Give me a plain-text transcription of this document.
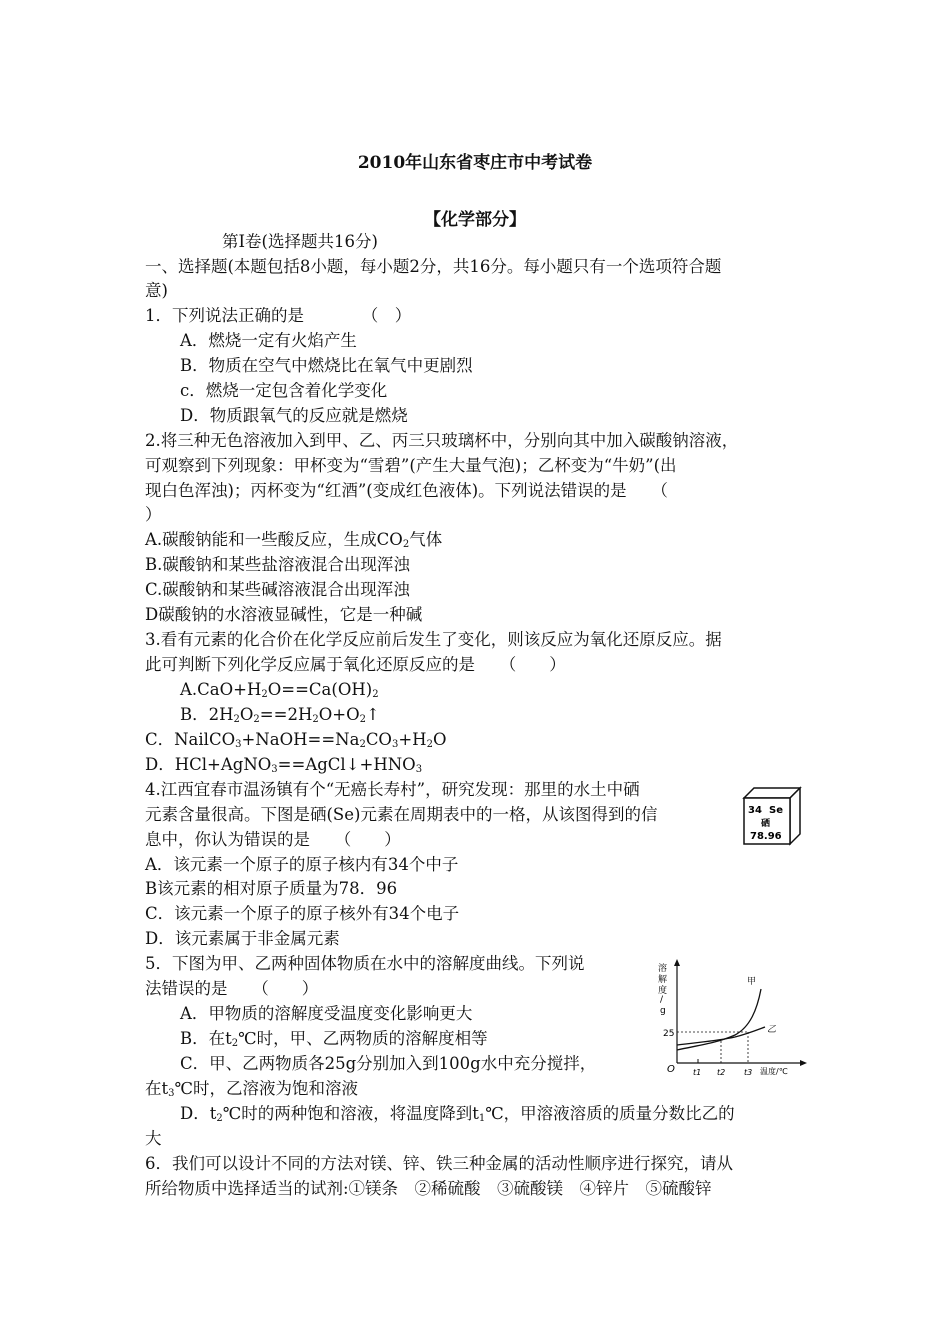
2010年山东省枣庄市中考试卷
【化学部分】
第Ⅰ卷(选择题共16分)
一、选择题(本题包括8小题，每小题2分，共16分。每小题只有一个选项符合题
意)
1．下列说法正确的是　　　　（　）
A．燃烧一定有火焰产生
B．物质在空气中燃烧比在氧气中更剧烈
c．燃烧一定包含着化学变化
D．物质跟氧气的反应就是燃烧
2.将三种无色溶液加入到甲、乙、丙三只玻璃杯中，分别向其中加入碳酸钠溶液，
可观察到下列现象：甲杯变为“雪碧”(产生大量气泡)；乙杯变为“牛奶”(出
现白色浑浊)；丙杯变为“红酒”(变成红色液体)。下列说法错误的是　　（
）
A.碳酸钠能和一些酸反应，生成$CO_2$气体
B.碳酸钠和某些盐溶液混合出现浑浊
C.碳酸钠和某些碱溶液混合出现浑浊
D碳酸钠的水溶液显碱性，它是一种碱
3.看有元素的化合价在化学反应前后发生了变化，则该反应为氧化还原反应。据
此可判断下列化学反应属于氧化还原反应的是　　（　　）
$A.CaO+H_2O==Ca(OH)_2$
B．$2H_2O_2==2H_2O+O_2↑$
C．$NailCO_3+NaOH==Na_2CO_3+H_2O$
D．$HCl+AgNO_3==AgCl↓+HNO_3$
4.江西宜春市温汤镇有个“无癌长寿村”，研究发现：那里的水土中硒
元素含量很高。下图是硒(Se)元素在周期表中的一格，从该图得到的信
息中，你认为错误的是　　（　　）
A．该元素一个原子的原子核内有34个中子
B该元素的相对原子质量为78．96
C．该元素一个原子的原子核外有34个电子
D．该元素属于非金属元素
34 Se
硒
78.96
5．下图为甲、乙两种固体物质在水中的溶解度曲线。下列说
法错误的是　　（　　）
A．甲物质的溶解度受温度变化影响更大
B．在$t_2℃$时，甲、乙两物质的溶解度相等
C．甲、乙两物质各25g分别加入到100g水中充分搅拌，
在$t_3℃$时，乙溶液为饱和溶液
D．$t_2℃$时的两种饱和溶液，将温度降到$t_1℃$，甲溶液溶质的质量分数比乙的
大
溶
解
度
/
g
O
25
甲
乙
t1 t2 t3 温度/℃
6．我们可以设计不同的方法对镁、锌、铁三种金属的活动性顺序进行探究，请从
所给物质中选择适当的试剂:①镁条　②稀硫酸　③硫酸镁　④锌片　⑤硫酸锌
